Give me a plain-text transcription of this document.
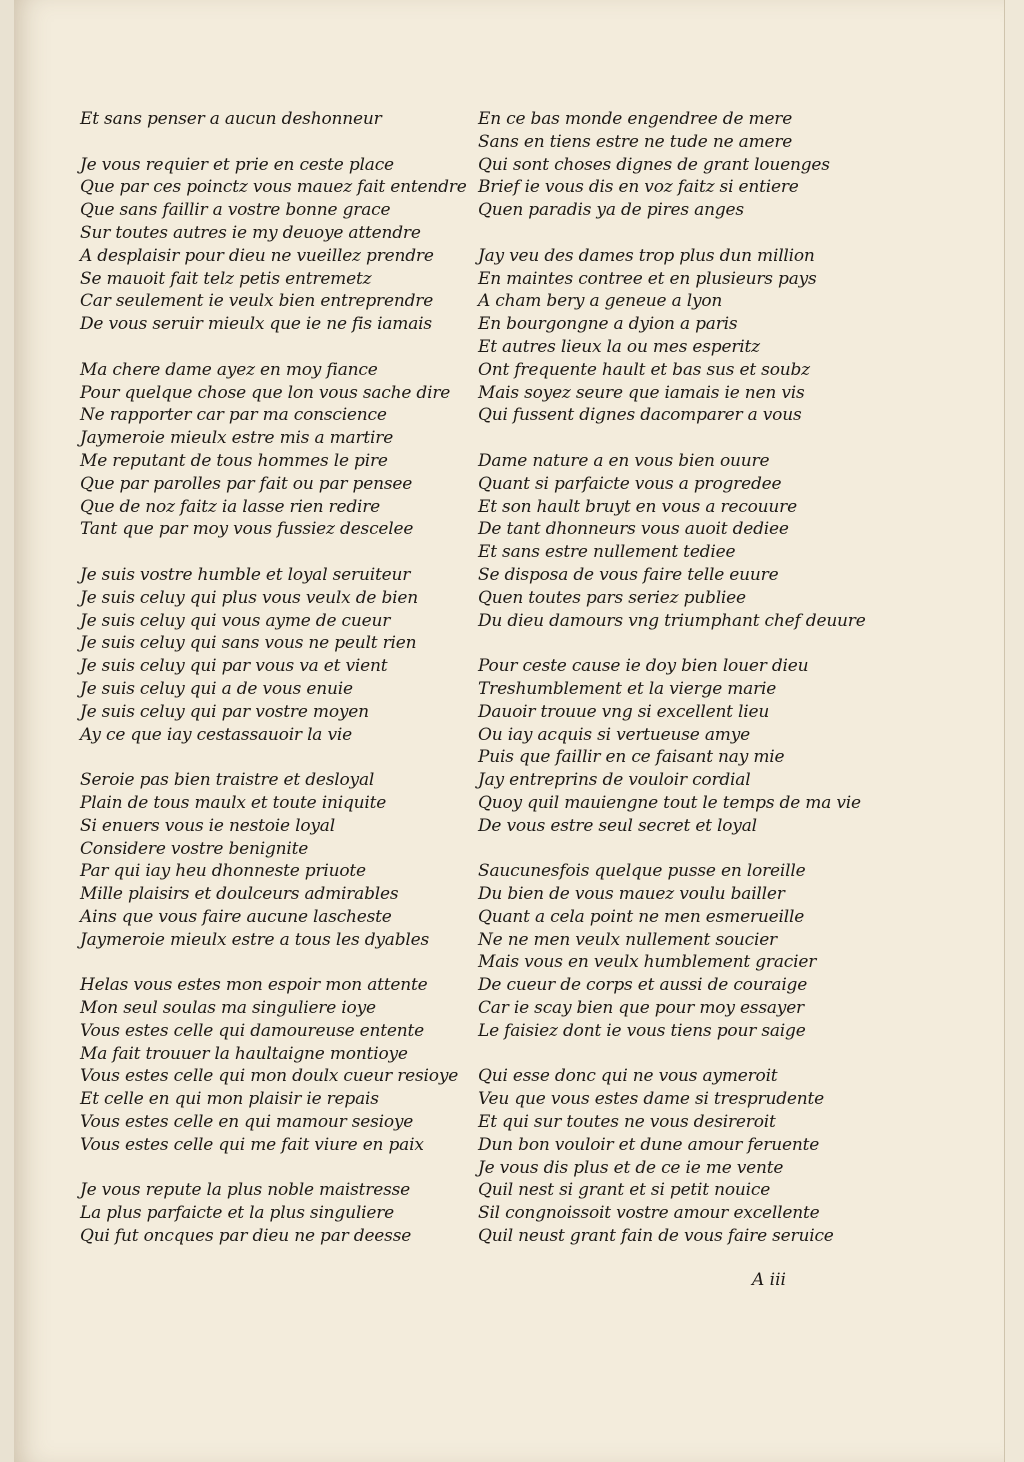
Et sans penser a aucun deshonneur
Je vous requier et prie en ceste place
Que par ces poinctz vous mauez fait entendre
Que sans faillir a vostre bonne grace
Sur toutes autres ie my deuoye attendre
A desplaisir pour dieu ne vueillez prendre
Se mauoit fait telz petis entremetz
Car seulement ie veulx bien entreprendre
De vous seruir mieulx que ie ne fis iamais
Ma chere dame ayez en moy fiance
Pour quelque chose que lon vous sache dire
Ne rapporter car par ma conscience
Jaymeroie mieulx estre mis a martire
Me reputant de tous hommes le pire
Que par parolles par fait ou par pensee
Que de noz faitz ia lasse rien redire
Tant que par moy vous fussiez descelee
Je suis vostre humble et loyal seruiteur
Je suis celuy qui plus vous veulx de bien
Je suis celuy qui vous ayme de cueur
Je suis celuy qui sans vous ne peult rien
Je suis celuy qui par vous va et vient
Je suis celuy qui a de vous enuie
Je suis celuy qui par vostre moyen
Ay ce que iay cestassauoir la vie
Seroie pas bien traistre et desloyal
Plain de tous maulx et toute iniquite
Si enuers vous ie nestoie loyal
Considere vostre benignite
Par qui iay heu dhonneste priuote
Mille plaisirs et doulceurs admirables
Ains que vous faire aucune lascheste
Jaymeroie mieulx estre a tous les dyables
Helas vous estes mon espoir mon attente
Mon seul soulas ma singuliere ioye
Vous estes celle qui damoureuse entente
Ma fait trouuer la haultaigne montioye
Vous estes celle qui mon doulx cueur resioye
Et celle en qui mon plaisir ie repais
Vous estes celle en qui mamour sesioye
Vous estes celle qui me fait viure en paix
Je vous repute la plus noble maistresse
La plus parfaicte et la plus singuliere
Qui fut oncques par dieu ne par deesse
En ce bas monde engendree de mere
Sans en tiens estre ne tude ne amere
Qui sont choses dignes de grant louenges
Brief ie vous dis en voz faitz si entiere
Quen paradis ya de pires anges
Jay veu des dames trop plus dun million
En maintes contree et en plusieurs pays
A cham bery a geneue a lyon
En bourgongne a dyion a paris
Et autres lieux la ou mes esperitz
Ont frequente hault et bas sus et soubz
Mais soyez seure que iamais ie nen vis
Qui fussent dignes dacomparer a vous
Dame nature a en vous bien ouure
Quant si parfaicte vous a progredee
Et son hault bruyt en vous a recouure
De tant dhonneurs vous auoit dediee
Et sans estre nullement tediee
Se disposa de vous faire telle euure
Quen toutes pars seriez publiee
Du dieu damours vng triumphant chef deuure
Pour ceste cause ie doy bien louer dieu
Treshumblement et la vierge marie
Dauoir trouue vng si excellent lieu
Ou iay acquis si vertueuse amye
Puis que faillir en ce faisant nay mie
Jay entreprins de vouloir cordial
Quoy quil mauiengne tout le temps de ma vie
De vous estre seul secret et loyal
Saucunesfois quelque pusse en loreille
Du bien de vous mauez voulu bailler
Quant a cela point ne men esmerueille
Ne ne men veulx nullement soucier
Mais vous en veulx humblement gracier
De cueur de corps et aussi de couraige
Car ie scay bien que pour moy essayer
Le faisiez dont ie vous tiens pour saige
Qui esse donc qui ne vous aymeroit
Veu que vous estes dame si tresprudente
Et qui sur toutes ne vous desireroit
Dun bon vouloir et dune amour feruente
Je vous dis plus et de ce ie me vente
Quil nest si grant et si petit nouice
Sil congnoissoit vostre amour excellente
Quil neust grant fain de vous faire seruice
A iii
